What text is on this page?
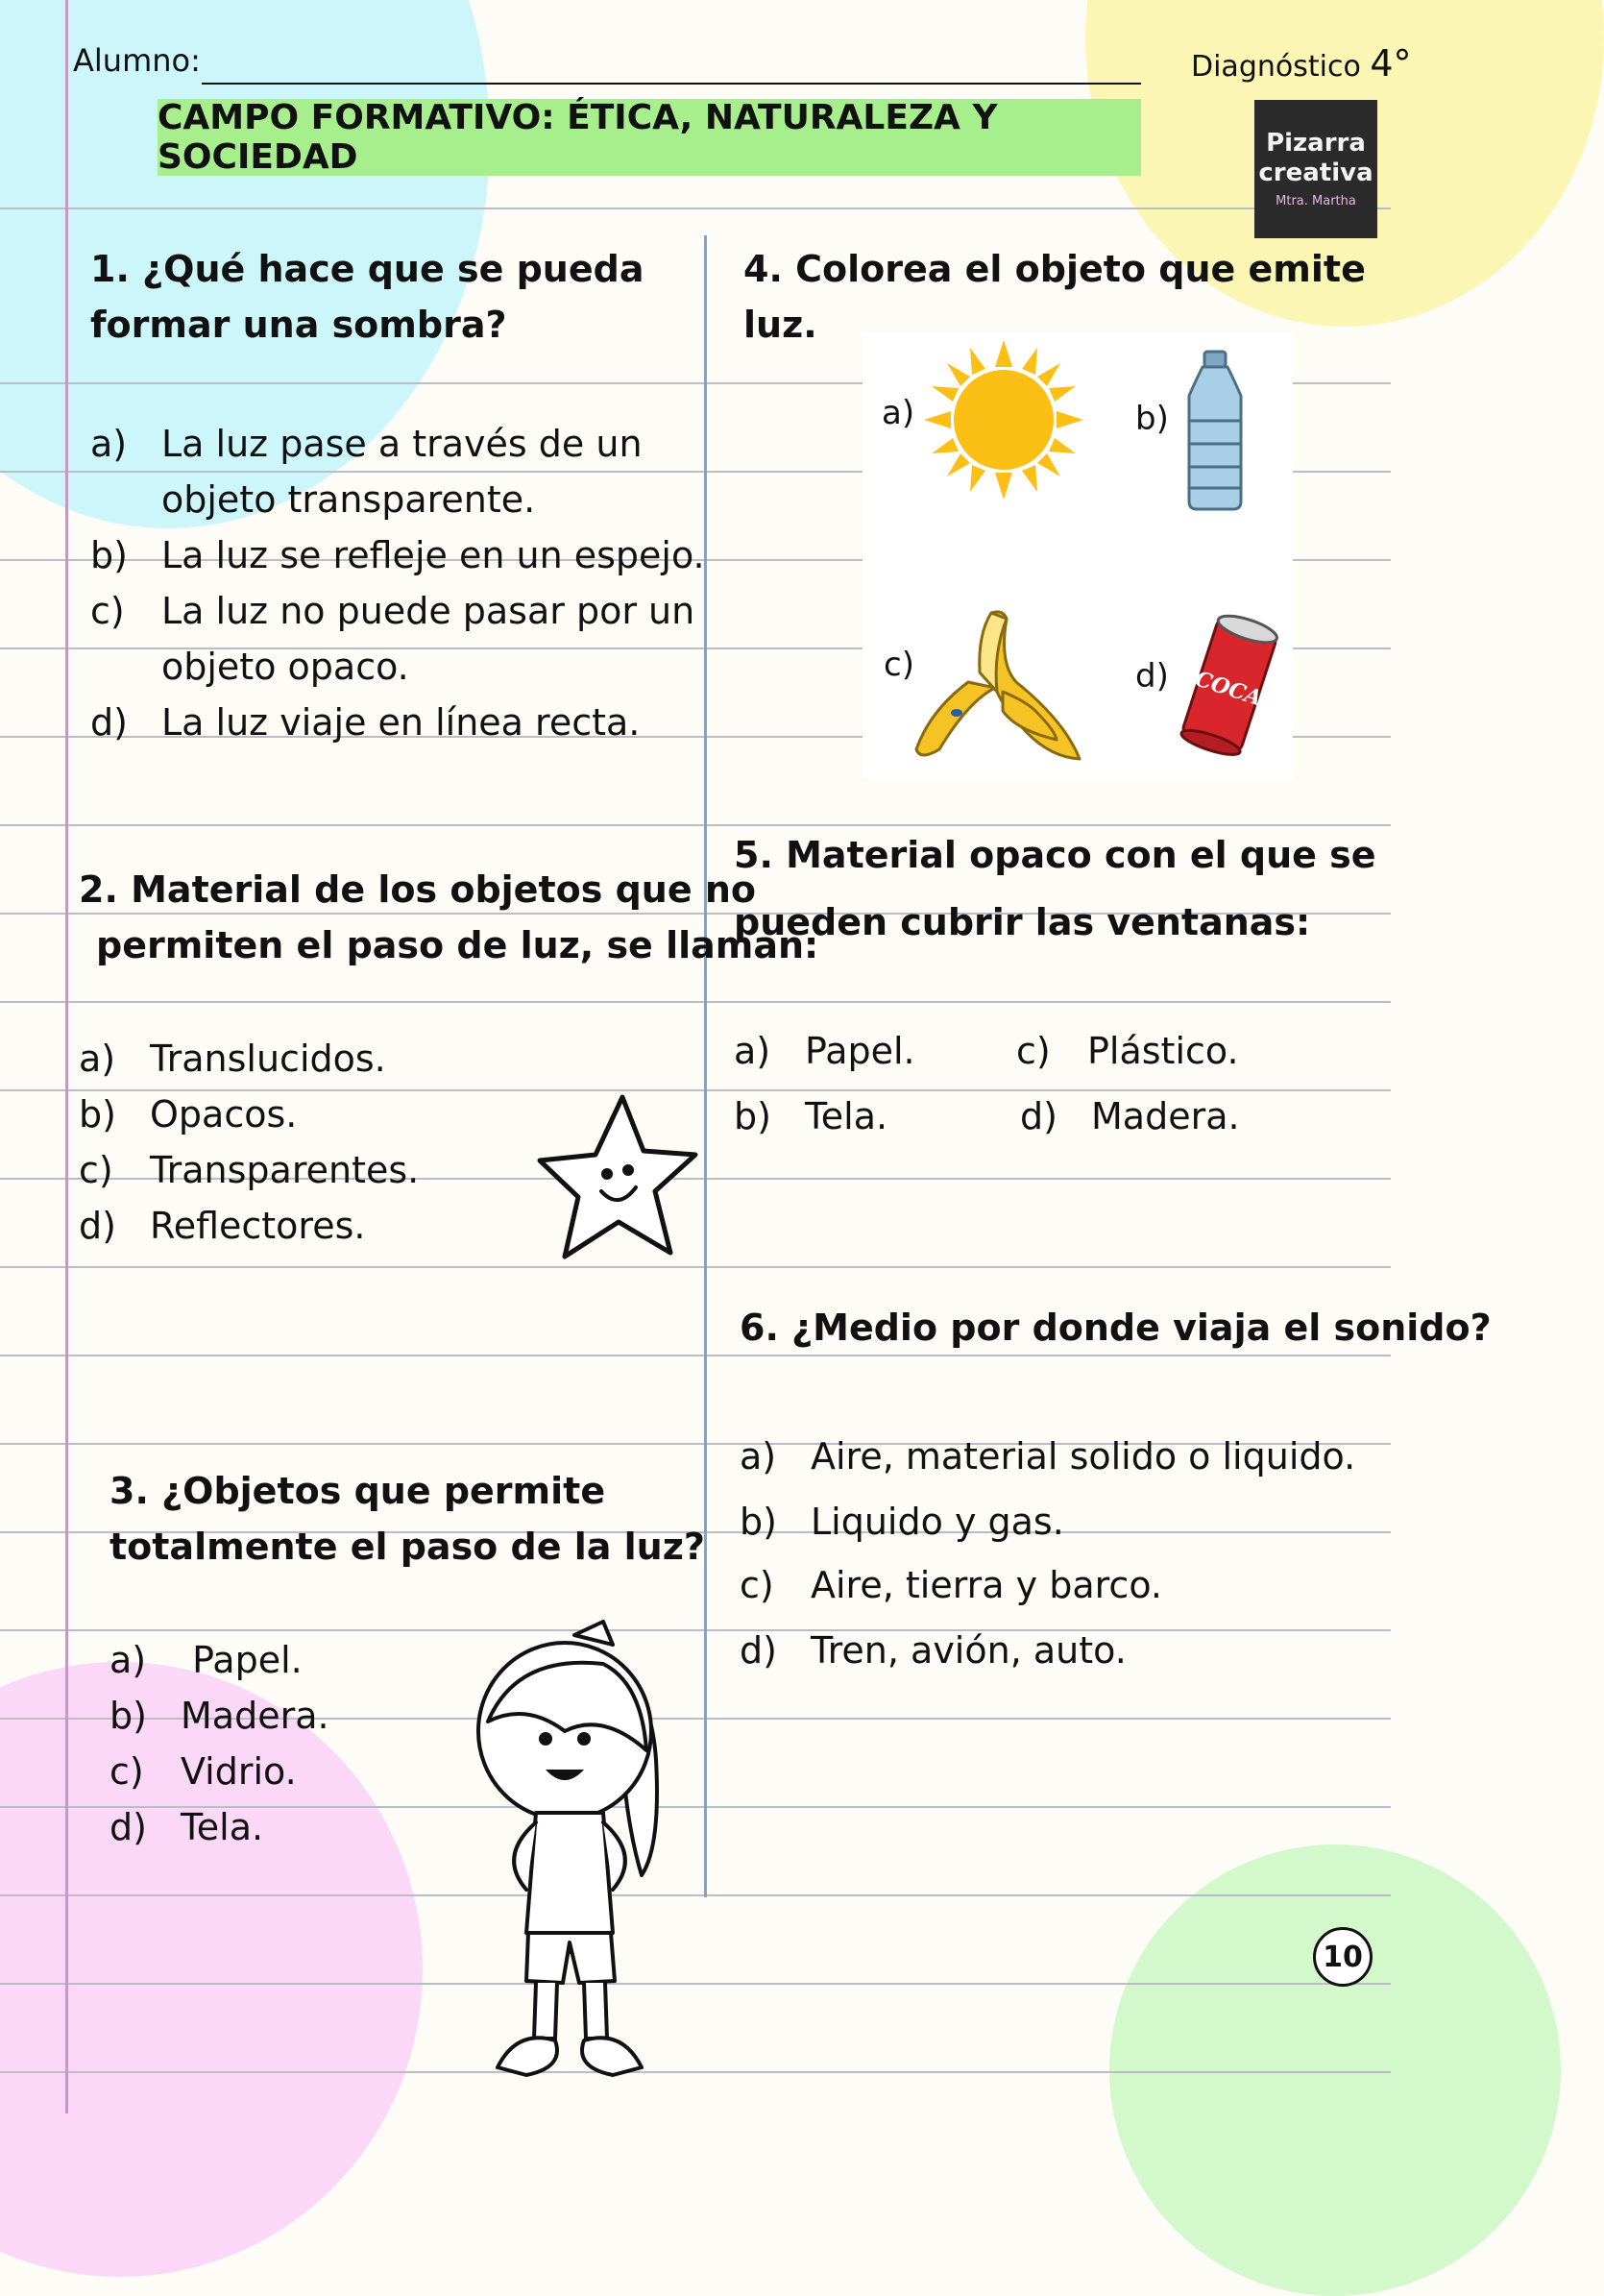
Alumno:	Diagnóstico 4°
CAMPO FORMATIVO: ÉTICA, NATURALEZA Y SOCIEDAD	Pizarra
creativa
Mtra. Martha
1. ¿Qué hace que se pueda
formar una sombra?
a) La luz pase a través de un
objeto transparente.
b) La luz se refleje en un espejo.
c) La luz no puede pasar por un
objeto opaco.
d) La luz viaje en línea recta.
2. Material de los objetos que no
permiten el paso de luz, se llaman:
a) Translucidos.
b) Opacos.
c) Transparentes.
d) Reflectores.
3. ¿Objetos que permite
totalmente el paso de la luz?
a) Papel.
b) Madera.
c) Vidrio.
d) Tela.
4. Colorea el objeto que emite
luz.
a)	b)
c)	d) COCA
5. Material opaco con el que se
pueden cubrir las ventanas:
a) Papel.
b) Tela.
c) Plástico.
d) Madera.
6. ¿Medio por donde viaja el sonido?
a) Aire, material solido o liquido.
b) Liquido y gas.
c) Aire, tierra y barco.
d) Tren, avión, auto.
10
